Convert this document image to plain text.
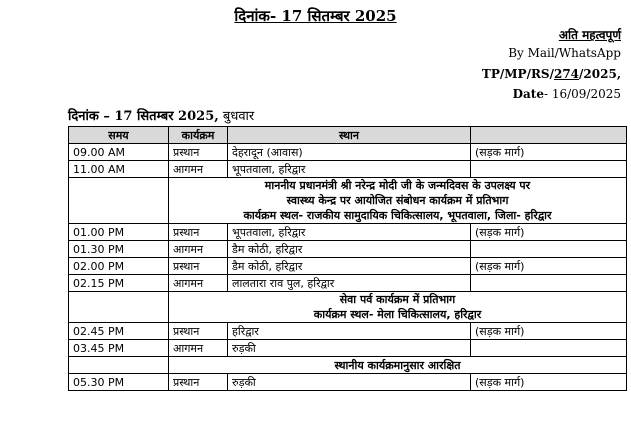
दिनांक- 17 सितम्बर 2025
अति महत्वपूर्ण
By Mail/WhatsApp
TP/MP/RS/274/2025,
Date- 16/09/2025
दिनांक – 17 सितम्बर 2025, बुधवार
समय	कार्यक्रम	स्थान	
09.00 AM	प्रस्थान	देहरादून (आवास)	(सड़क मार्ग)
11.00 AM	आगमन	भूपतवाला, हरिद्वार	

	माननीय प्रधानमंत्री श्री नरेन्द्र मोदी जी के जन्मदिवस के उपलक्ष्य पर
स्वास्थ्य केन्द्र पर आयोजित संबोधन कार्यक्रम में प्रतिभाग
कार्यक्रम स्थल- राजकीय सामुदायिक चिकित्सालय, भूपतवाला, जिला- हरिद्वार		

01.00 PM	प्रस्थान	भूपतवाला, हरिद्वार	(सड़क मार्ग)
01.30 PM	आगमन	डैम कोठी, हरिद्वार	
02.00 PM	प्रस्थान	डैम कोठी, हरिद्वार	(सड़क मार्ग)
02.15 PM	आगमन	लालतारा राव पुल, हरिद्वार	

	सेवा पर्व कार्यक्रम में प्रतिभाग
कार्यक्रम स्थल- मेला चिकित्सालय, हरिद्वार		

02.45 PM	प्रस्थान	हरिद्वार	(सड़क मार्ग)
03.45 PM	आगमन	रुड़की	

	स्थानीय कार्यक्रमानुसार आरक्षित		

05.30 PM	प्रस्थान	रुड़की	(सड़क मार्ग)
